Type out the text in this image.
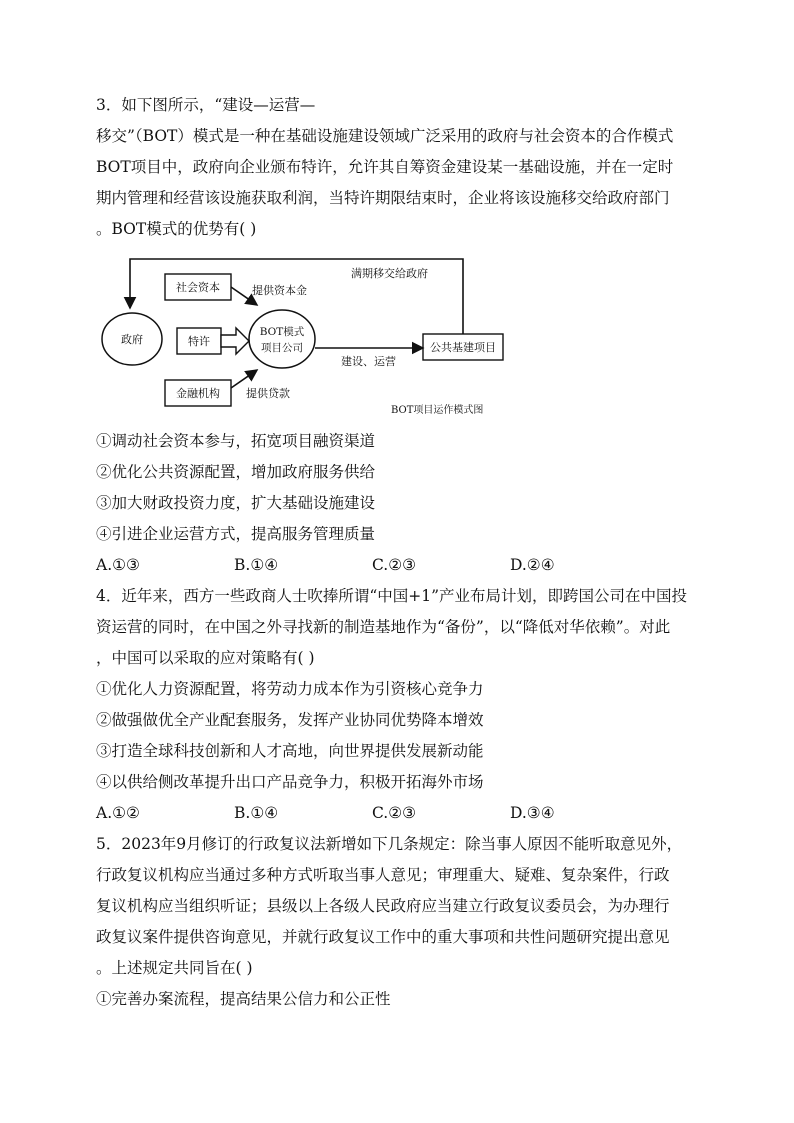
3．如下图所示，“建设—运营—
移交”（BOT）模式是一种在基础设施建设领域广泛采用的政府与社会资本的合作模式
BOT项目中，政府向企业颁布特许，允许其自筹资金建设某一基础设施，并在一定时
期内管理和经营该设施获取利润，当特许期限结束时，企业将该设施移交给政府部门
。BOT模式的优势有( )
满期移交给政府
政府
社会资本	提供资本金
特许
金融机构 提供贷款
BOT模式
项目公司
建设、运营
公共基建项目
BOT项目运作模式图
①调动社会资本参与，拓宽项目融资渠道
②优化公共资源配置，增加政府服务供给
③加大财政投资力度，扩大基础设施建设
④引进企业运营方式，提高服务管理质量
A.①③	B.①④	C.②③	D.②④
4．近年来，西方一些政商人士吹捧所谓“中国+1”产业布局计划，即跨国公司在中国投
资运营的同时，在中国之外寻找新的制造基地作为“备份”，以“降低对华依赖”。对此
，中国可以采取的应对策略有( )
①优化人力资源配置，将劳动力成本作为引资核心竞争力
②做强做优全产业配套服务，发挥产业协同优势降本增效
③打造全球科技创新和人才高地，向世界提供发展新动能
④以供给侧改革提升出口产品竞争力，积极开拓海外市场
A.①②	B.①④	C.②③	D.③④
5．2023年9月修订的行政复议法新增如下几条规定：除当事人原因不能听取意见外，
行政复议机构应当通过多种方式听取当事人意见；审理重大、疑难、复杂案件，行政
复议机构应当组织听证；县级以上各级人民政府应当建立行政复议委员会，为办理行
政复议案件提供咨询意见，并就行政复议工作中的重大事项和共性问题研究提出意见
。上述规定共同旨在( )
①完善办案流程，提高结果公信力和公正性
